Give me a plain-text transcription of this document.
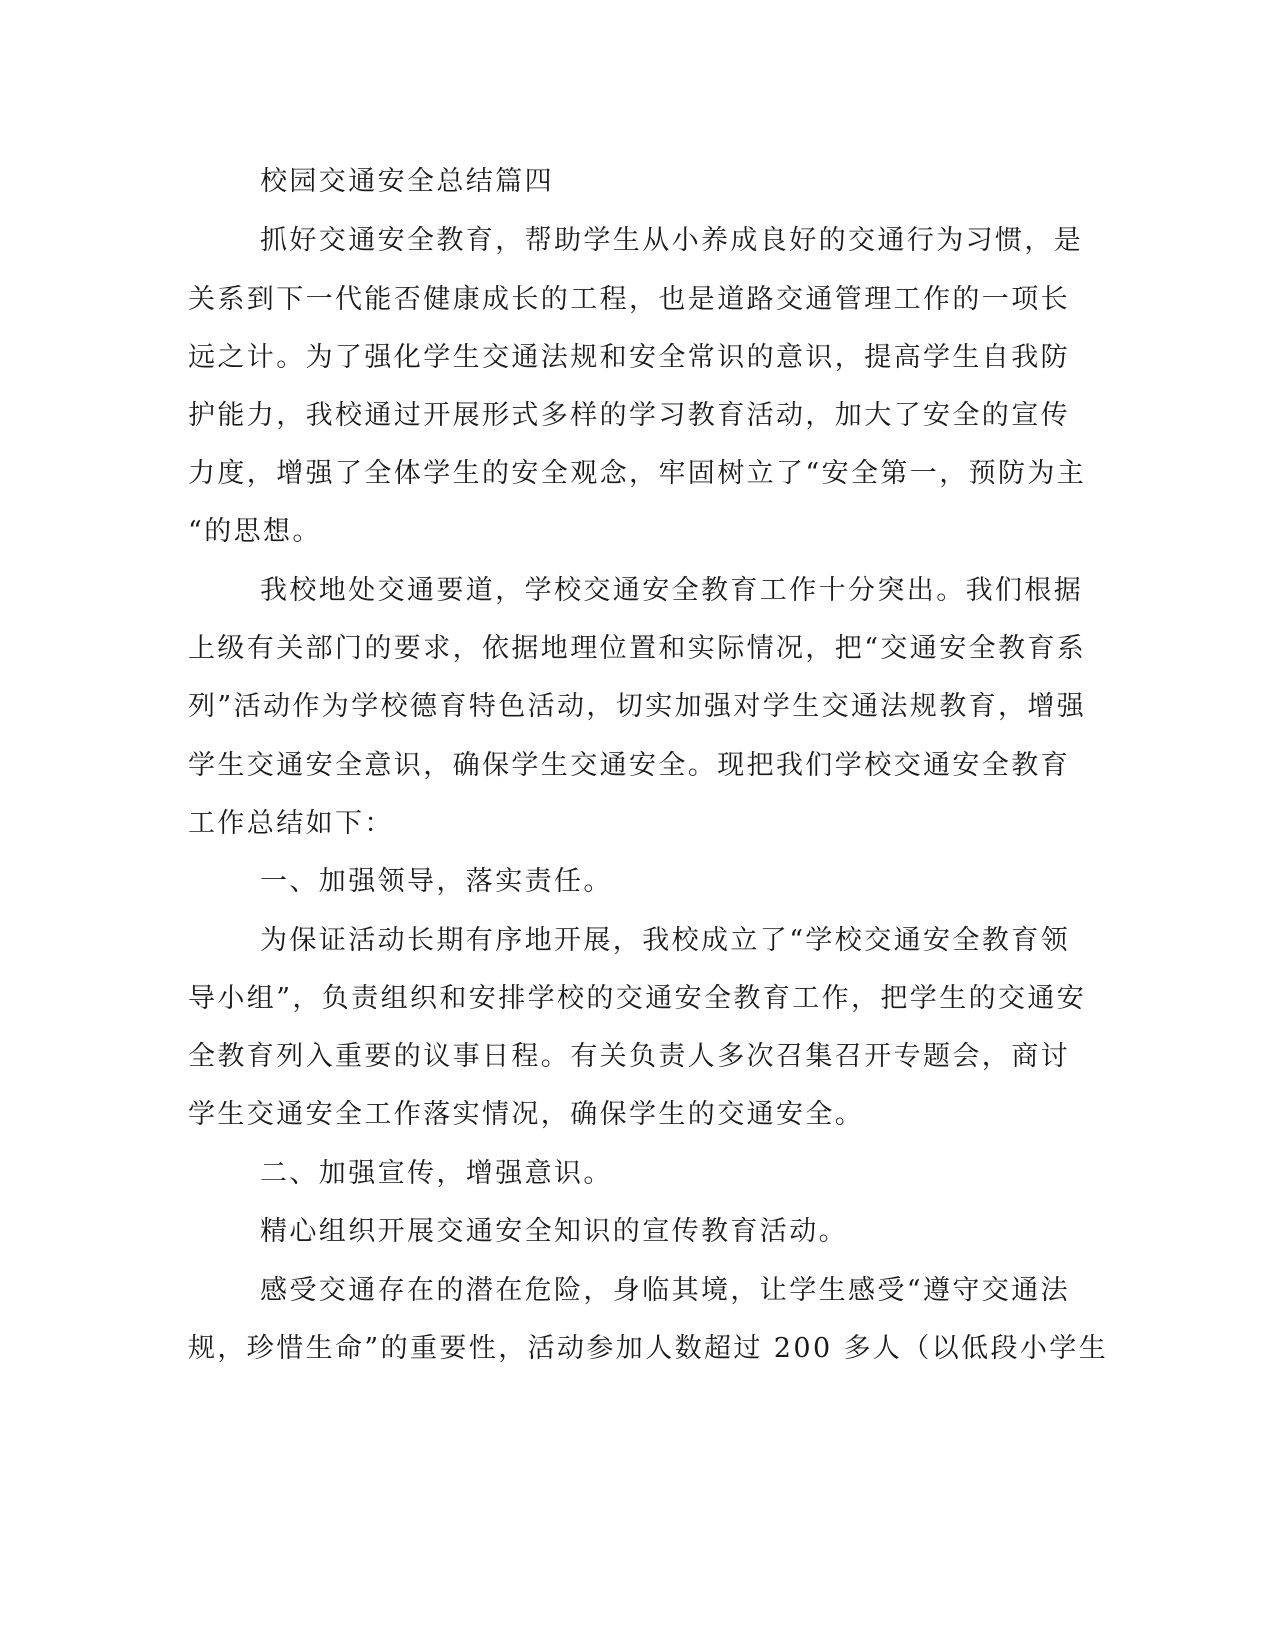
校园交通安全总结篇四
抓好交通安全教育，帮助学生从小养成良好的交通行为习惯，是
关系到下一代能否健康成长的工程，也是道路交通管理工作的一项长
远之计。为了强化学生交通法规和安全常识的意识，提高学生自我防
护能力，我校通过开展形式多样的学习教育活动，加大了安全的宣传
力度，增强了全体学生的安全观念，牢固树立了“安全第一，预防为主
“的思想。
我校地处交通要道，学校交通安全教育工作十分突出。我们根据
上级有关部门的要求，依据地理位置和实际情况，把“交通安全教育系
列”活动作为学校德育特色活动，切实加强对学生交通法规教育，增强
学生交通安全意识，确保学生交通安全。现把我们学校交通安全教育
工作总结如下：
一、加强领导，落实责任。
为保证活动长期有序地开展，我校成立了“学校交通安全教育领
导小组”，负责组织和安排学校的交通安全教育工作，把学生的交通安
全教育列入重要的议事日程。有关负责人多次召集召开专题会，商讨
学生交通安全工作落实情况，确保学生的交通安全。
二、加强宣传，增强意识。
精心组织开展交通安全知识的宣传教育活动。
感受交通存在的潜在危险，身临其境，让学生感受“遵守交通法
规，珍惜生命”的重要性，活动参加人数超过 200 多人（以低段小学生
